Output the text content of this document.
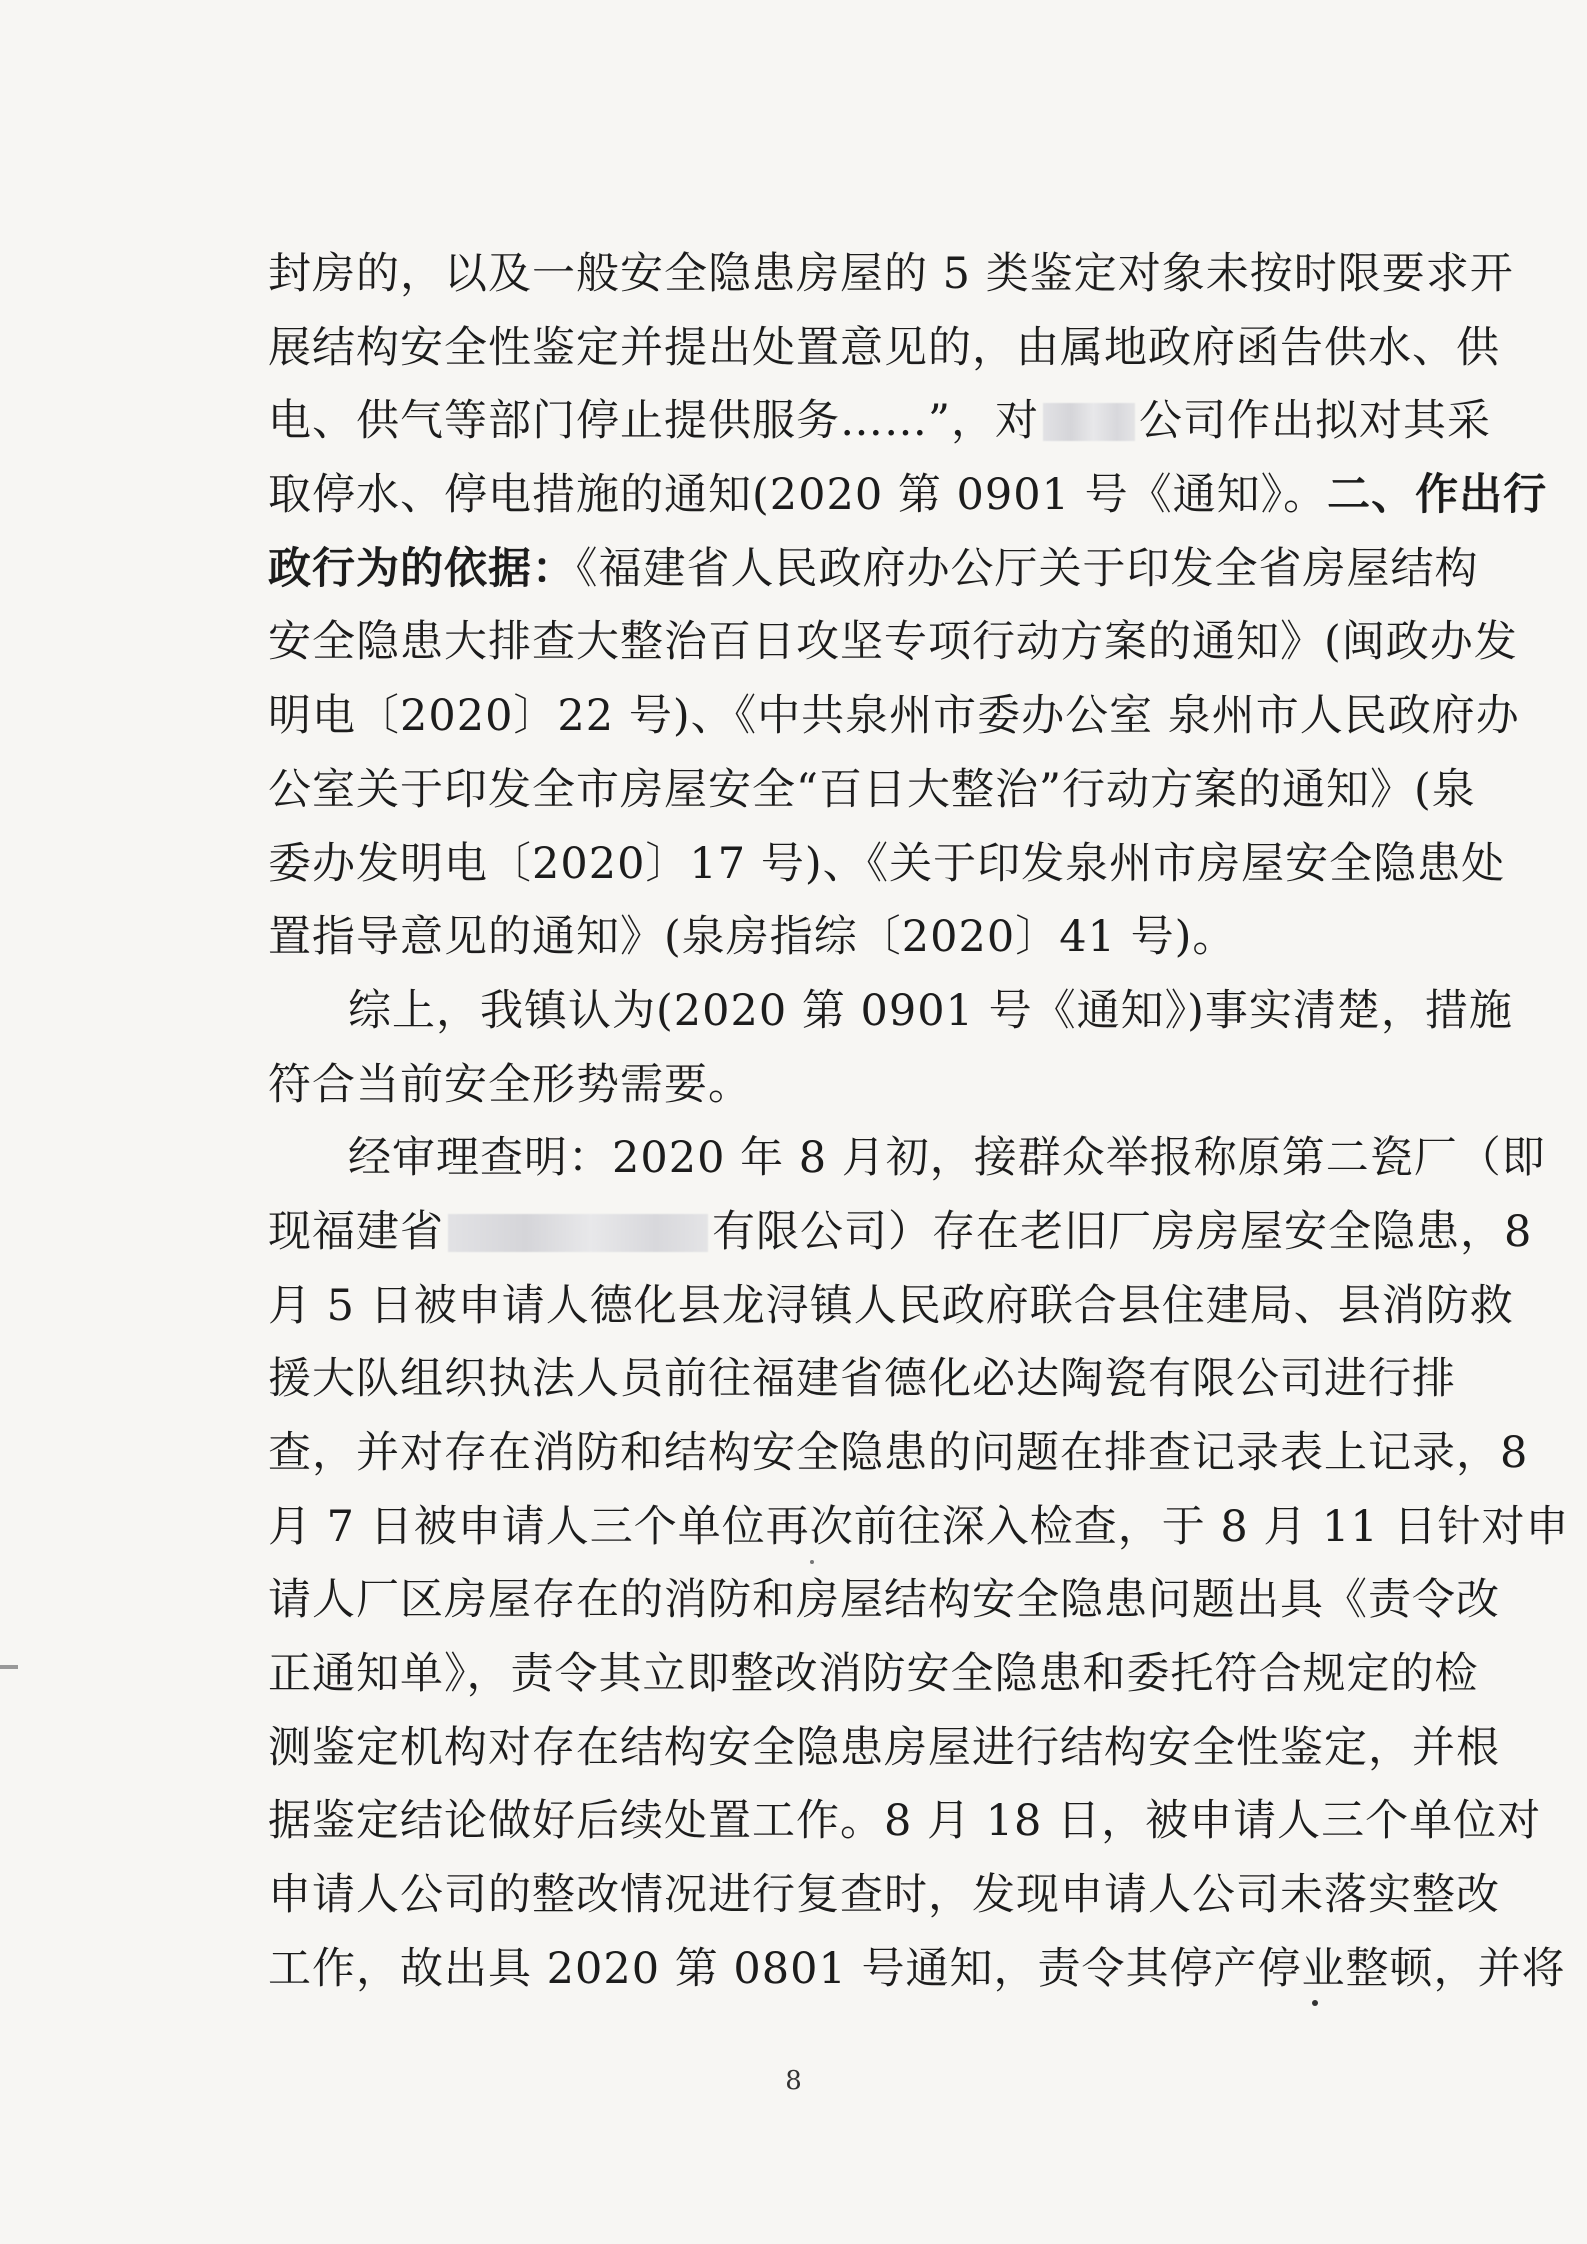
封房的，以及一般安全隐患房屋的 5 类鉴定对象未按时限要求开
展结构安全性鉴定并提出处置意见的，由属地政府函告供水、供
电、供气等部门停止提供服务……”，对 公司作出拟对其采
取停水、停电措施的通知(2020 第 0901 号《通知》。二、作出行
政行为的依据：《福建省人民政府办公厅关于印发全省房屋结构
安全隐患大排查大整治百日攻坚专项行动方案的通知》(闽政办发
明电〔2020〕22 号)、《中共泉州市委办公室 泉州市人民政府办
公室关于印发全市房屋安全“百日大整治”行动方案的通知》(泉
委办发明电〔2020〕17 号)、《关于印发泉州市房屋安全隐患处
置指导意见的通知》(泉房指综〔2020〕41 号)。
综上，我镇认为(2020 第 0901 号《通知》)事实清楚，措施
符合当前安全形势需要。
经审理查明：2020 年 8 月初，接群众举报称原第二瓷厂（即
现福建省	有限公司）存在老旧厂房房屋安全隐患，8
月 5 日被申请人德化县龙浔镇人民政府联合县住建局、县消防救
援大队组织执法人员前往福建省德化必达陶瓷有限公司进行排
查，并对存在消防和结构安全隐患的问题在排查记录表上记录，8
月 7 日被申请人三个单位再次前往深入检查，于 8 月 11 日针对申
请人厂区房屋存在的消防和房屋结构安全隐患问题出具《责令改
正通知单》，责令其立即整改消防安全隐患和委托符合规定的检
测鉴定机构对存在结构安全隐患房屋进行结构安全性鉴定，并根
据鉴定结论做好后续处置工作。8 月 18 日，被申请人三个单位对
申请人公司的整改情况进行复查时，发现申请人公司未落实整改
工作，故出具 2020 第 0801 号通知，责令其停产停业整顿，并将
8
